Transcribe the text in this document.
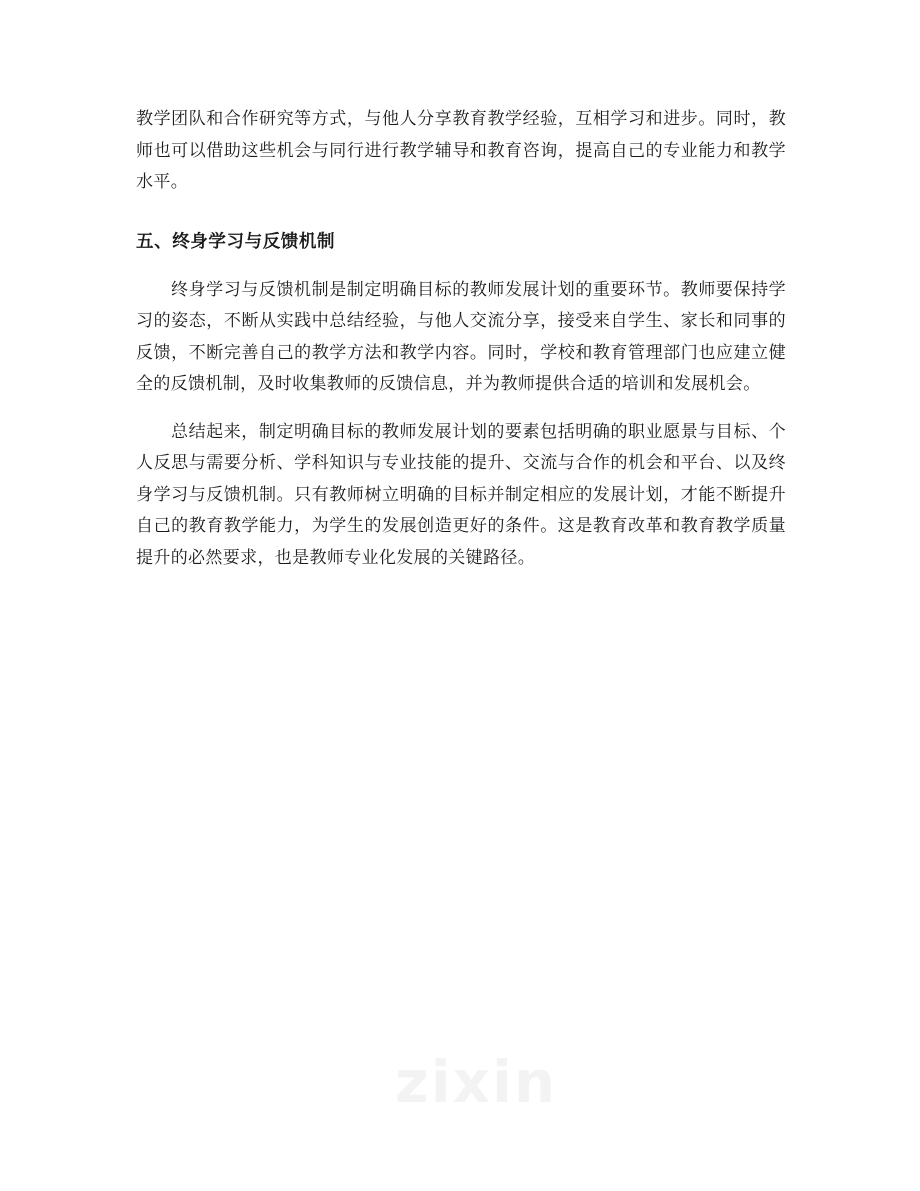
教学团队和合作研究等方式，与他人分享教育教学经验，互相学习和进步。同时，教师也可以借助这些机会与同行进行教学辅导和教育咨询，提高自己的专业能力和教学水平。

五、终身学习与反馈机制

终身学习与反馈机制是制定明确目标的教师发展计划的重要环节。教师要保持学习的姿态，不断从实践中总结经验，与他人交流分享，接受来自学生、家长和同事的反馈，不断完善自己的教学方法和教学内容。同时，学校和教育管理部门也应建立健全的反馈机制，及时收集教师的反馈信息，并为教师提供合适的培训和发展机会。

总结起来，制定明确目标的教师发展计划的要素包括明确的职业愿景与目标、个人反思与需要分析、学科知识与专业技能的提升、交流与合作的机会和平台、以及终身学习与反馈机制。只有教师树立明确的目标并制定相应的发展计划，才能不断提升自己的教育教学能力，为学生的发展创造更好的条件。这是教育改革和教育教学质量提升的必然要求，也是教师专业化发展的关键路径。
